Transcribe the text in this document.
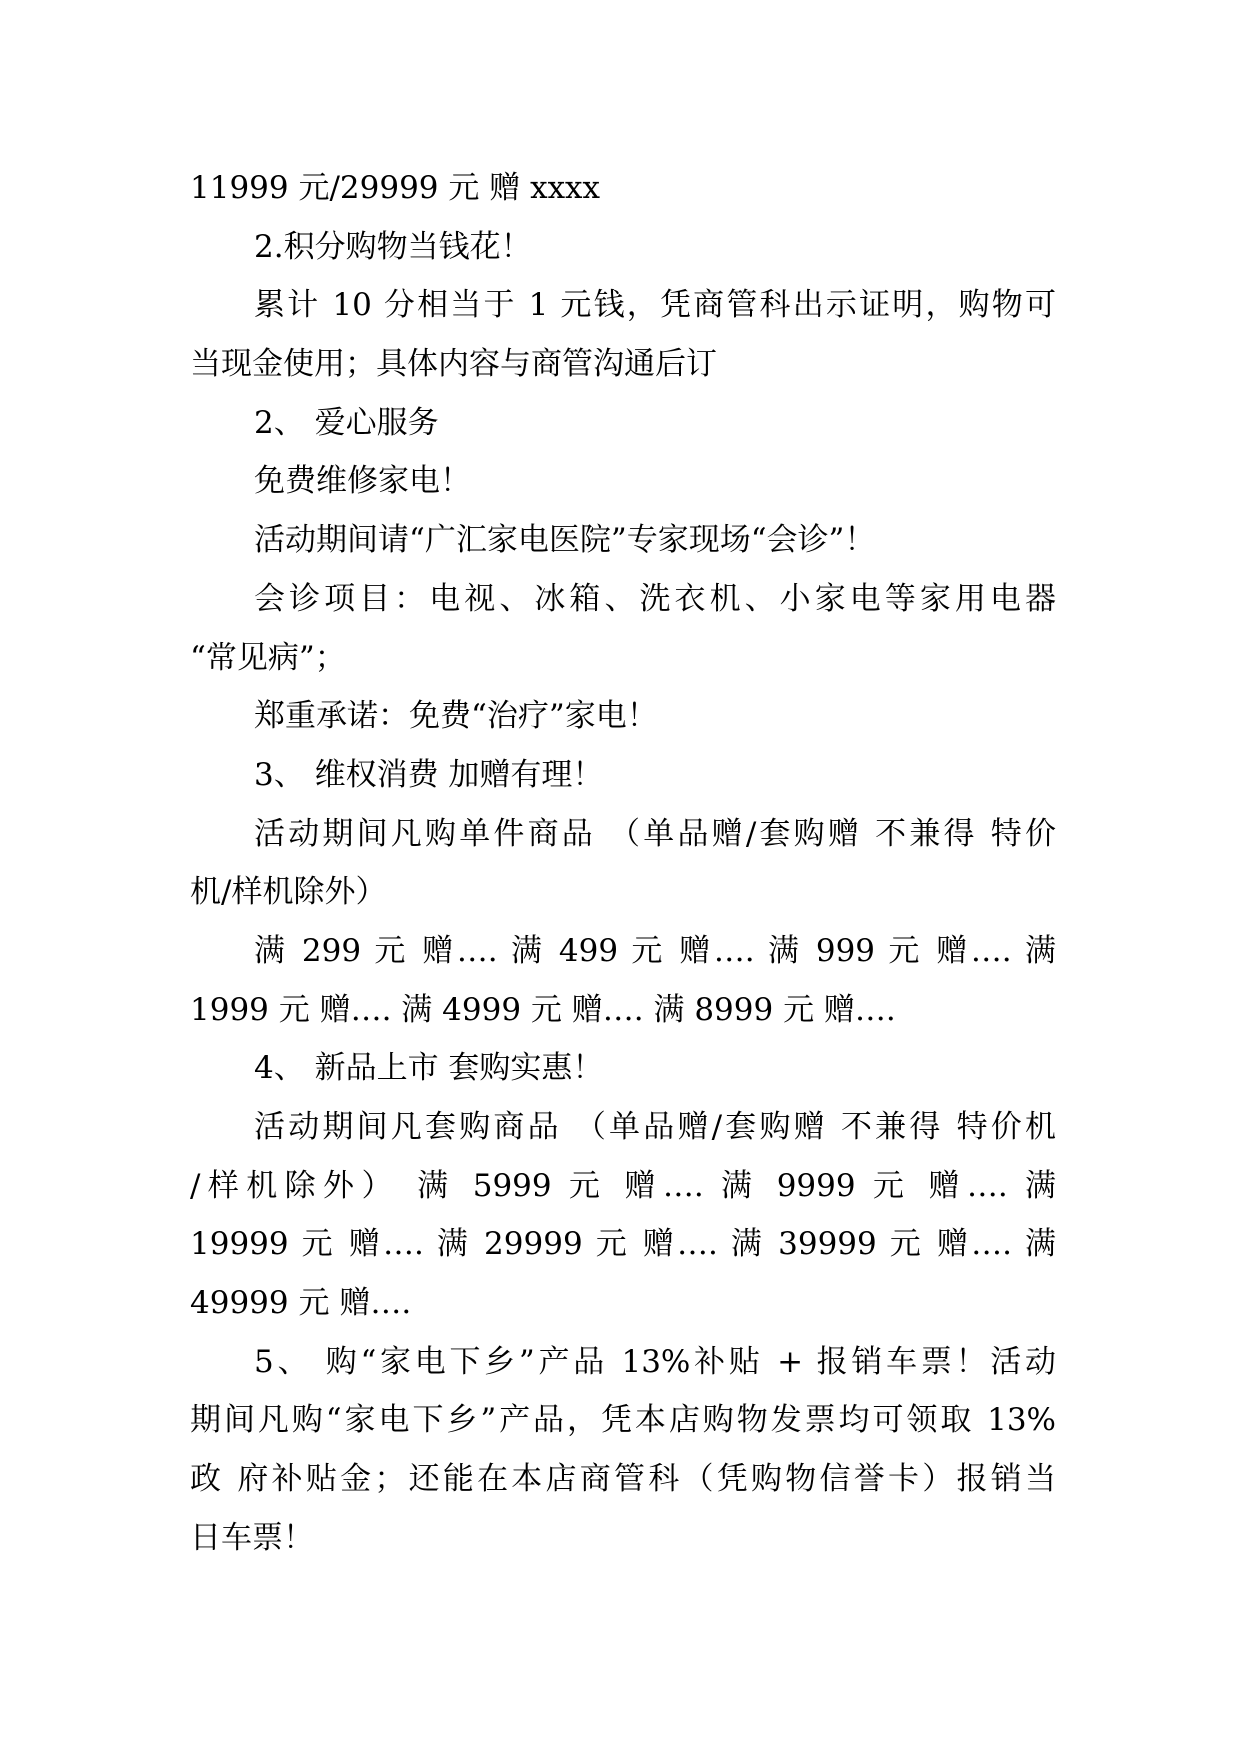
11999 元/29999 元 赠 xxxx
2.积分购物当钱花！
累计 10 分相当于 1 元钱，凭商管科出示证明，购物可
当现金使用；具体内容与商管沟通后订
2、 爱心服务
免费维修家电！
活动期间请“广汇家电医院”专家现场“会诊”！
会诊项目：电视、冰箱、洗衣机、小家电等家用电器
“常见病”；
郑重承诺：免费“治疗”家电！
3、 维权消费 加赠有理！
活动期间凡购单件商品 （单品赠/套购赠 不兼得 特价
机/样机除外）
满 299 元 赠…. 满 499 元 赠…. 满 999 元 赠…. 满
1999 元 赠…. 满 4999 元 赠…. 满 8999 元 赠….
4、 新品上市 套购实惠！
活动期间凡套购商品 （单品赠/套购赠 不兼得 特价机
/样机除外） 满 5999 元 赠…. 满 9999 元 赠…. 满
19999 元 赠…. 满 29999 元 赠…. 满 39999 元 赠…. 满
49999 元 赠….
5、 购“家电下乡”产品 13%补贴 + 报销车票！活动
期间凡购“家电下乡”产品，凭本店购物发票均可领取 13%
政 府补贴金；还能在本店商管科（凭购物信誉卡）报销当
日车票！
